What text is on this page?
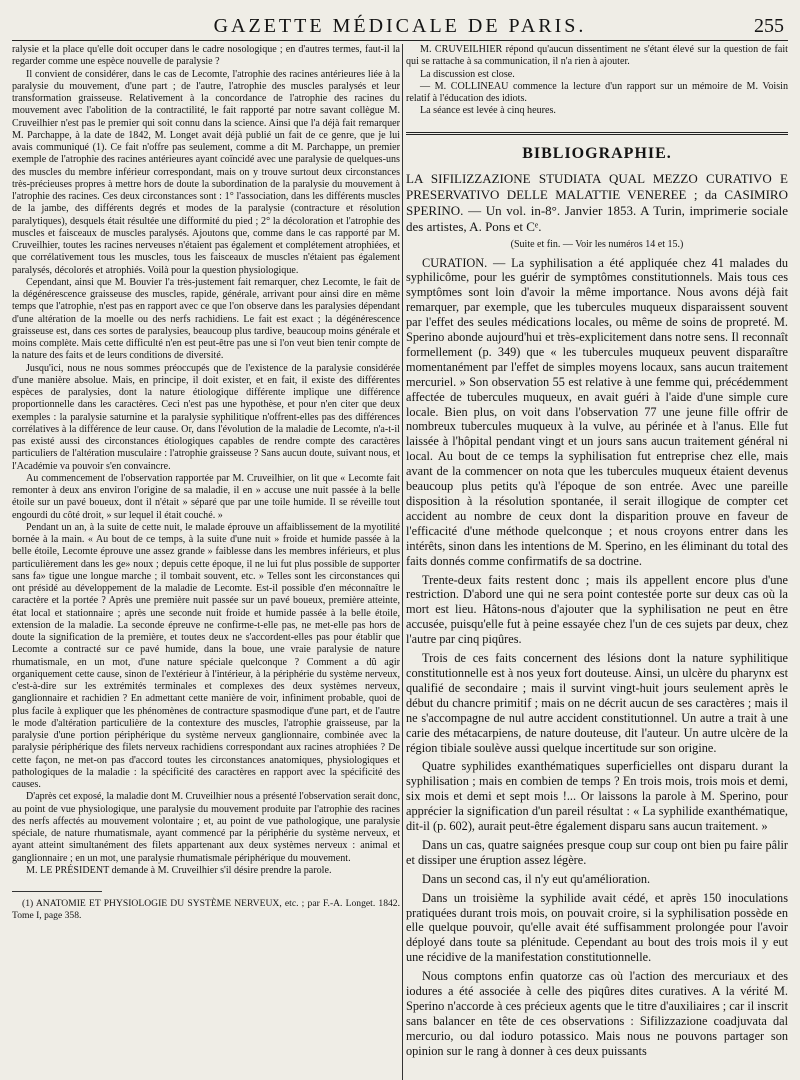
GAZETTE MÉDICALE DE PARIS.	255

ralysie et la place qu'elle doit occuper dans le cadre nosologique ; en d'autres termes, faut-il la regarder comme une espèce nouvelle de paralysie ?

Il convient de considérer, dans le cas de Lecomte, l'atrophie des racines antérieures liée à la paralysie du mouvement, d'une part ; de l'autre, l'atrophie des muscles paralysés et leur transformation graisseuse. Relativement à la concordance de l'atrophie des racines du mouvement avec l'abolition de la contractilité, le fait rapporté par notre savant collègue M. Cruveilhier n'est pas le premier qui soit connu dans la science. Ainsi que l'a déjà fait remarquer M. Parchappe, à la date de 1842, M. Longet avait déjà publié un fait de ce genre, que je lui avais communiqué (1). Ce fait n'offre pas seulement, comme a dit M. Parchappe, un premier exemple de l'atrophie des racines antérieures ayant coïncidé avec une paralysie de quelques-uns des muscles du membre inférieur correspondant, mais on y trouve surtout deux circonstances très-précieuses propres à mettre hors de doute la subordination de la paralysie du mouvement à l'atrophie des racines. Ces deux circonstances sont : 1° l'association, dans les différents muscles de la jambe, des différents degrés et modes de la paralysie (contracture et résolution paralytiques), desquels était résultée une difformité du pied ; 2° la décoloration et l'atrophie des muscles et faisceaux de muscles paralysés. Ajoutons que, comme dans le cas rapporté par M. Cruveilhier, toutes les racines nerveuses n'étaient pas également et complétement atrophiées, et que corrélativement tous les muscles, tous les faisceaux de muscles n'étaient pas également paralysés, décolorés et atrophiés. Voilà pour la question physiologique.

Cependant, ainsi que M. Bouvier l'a très-justement fait remarquer, chez Lecomte, le fait de la dégénérescence graisseuse des muscles, rapide, générale, arrivant pour ainsi dire en même temps que l'atrophie, n'est pas en rapport avec ce que l'on observe dans les paralysies dépendant d'une altération de la moelle ou des nerfs rachidiens. Le fait est exact ; la dégénérescence graisseuse est, dans ces sortes de paralysies, beaucoup plus tardive, beaucoup moins générale et moins complète. Mais cette difficulté n'en est peut-être pas une si l'on veut bien tenir compte de la nature des faits et de leurs conditions de diversité.

Jusqu'ici, nous ne nous sommes préoccupés que de l'existence de la paralysie considérée d'une manière absolue. Mais, en principe, il doit exister, et en fait, il existe des différentes espèces de paralysies, dont la nature étiologique différente implique une différence proportionnelle dans les caractères. Ceci n'est pas une hypothèse, et pour n'en citer que deux exemples : la paralysie saturnine et la paralysie syphilitique n'offrent-elles pas des différences corrélatives à la différence de leur cause. Or, dans l'évolution de la maladie de Lecomte, n'a-t-il pas existé aussi des circonstances étiologiques capables de rendre compte des caractères particuliers de l'altération musculaire : l'atrophie graisseuse ? Sans aucun doute, suivant nous, et l'Académie va pouvoir s'en convaincre.

Au commencement de l'observation rapportée par M. Cruveilhier, on lit que « Lecomte fait remonter à deux ans environ l'origine de sa maladie, il en » accuse une nuit passée à la belle étoile sur un pavé boueux, dont il n'était » séparé que par une toile humide. Il se réveille tout engourdi du côté droit, » sur lequel il était couché. »

Pendant un an, à la suite de cette nuit, le malade éprouve un affaiblissement de la myotilité bornée à la main. « Au bout de ce temps, à la suite d'une nuit » froide et humide passée à la belle étoile, Lecomte éprouve une assez grande » faiblesse dans les membres inférieurs, et plus particulièrement dans les ge» noux ; depuis cette époque, il ne lui fut plus possible de supporter sans fa» tigue une longue marche ; il tombait souvent, etc. » Telles sont les circonstances qui ont présidé au développement de la maladie de Lecomte. Est-il possible d'en méconnaître le caractère et la portée ? Après une première nuit passée sur un pavé boueux, première atteinte, état local et stationnaire ; après une seconde nuit froide et humide passée à la belle étoile, extension de la maladie. La seconde épreuve ne confirme-t-elle pas, ne met-elle pas hors de doute la signification de la première, et toutes deux ne s'accordent-elles pas pour établir que Lecomte a contracté sur ce pavé humide, dans la boue, une vraie paralysie de nature rhumatismale, en un mot, d'une nature spéciale quelconque ? Comment a dû agir organiquement cette cause, sinon de l'extérieur à l'intérieur, à la périphérie du système nerveux, c'est-à-dire sur les extrémités terminales et complexes des deux systèmes nerveux, ganglionnaire et rachidien ? En admettant cette manière de voir, infiniment probable, quoi de plus facile à expliquer que les phénomènes de contracture spasmodique d'une part, et de l'autre le mode d'altération particulière de la contexture des muscles, l'atrophie graisseuse, par la paralysie d'une portion périphérique du système nerveux ganglionnaire, combinée avec la paralysie périphérique des filets nerveux rachidiens correspondant aux racines atrophiées ? De cette façon, ne met-on pas d'accord toutes les circonstances anatomiques, physiologiques et pathologiques de la maladie : la spécificité des caractères en rapport avec la spécificité des causes.

D'après cet exposé, la maladie dont M. Cruveilhier nous a présenté l'observation serait donc, au point de vue physiologique, une paralysie du mouvement produite par l'atrophie des racines des nerfs affectés au mouvement volontaire ; et, au point de vue pathologique, une paralysie spéciale, de nature rhumatismale, ayant commencé par la périphérie du système nerveux, et ayant atteint simultanément des filets appartenant aux deux systèmes nerveux : animal et ganglionnaire ; en un mot, une paralysie rhumatismale périphérique du mouvement.

M. LE PRÉSIDENT demande à M. Cruveilhier s'il désire prendre la parole.

(1) ANATOMIE ET PHYSIOLOGIE DU SYSTÈME NERVEUX, etc. ; par F.-A. Longet. 1842. Tome I, page 358.

M. CRUVEILHIER répond qu'aucun dissentiment ne s'étant élevé sur la question de fait qui se rattache à sa communication, il n'a rien à ajouter.

La discussion est close.

— M. COLLINEAU commence la lecture d'un rapport sur un mémoire de M. Voisin relatif à l'éducation des idiots.

La séance est levée à cinq heures.

BIBLIOGRAPHIE.

LA SIFILIZZAZIONE STUDIATA QUAL MEZZO CURATIVO E PRESERVATIVO DELLE MALATTIE VENEREE ; da CASIMIRO SPERINO. — Un vol. in-8°. Janvier 1853. A Turin, imprimerie sociale des artistes, A. Pons et Cᵉ.

(Suite et fin. — Voir les numéros 14 et 15.)

CURATION. — La syphilisation a été appliquée chez 41 malades du syphilicôme, pour les guérir de symptômes constitutionnels. Mais tous ces symptômes sont loin d'avoir la même importance. Nous avons déjà fait remarquer, par exemple, que les tubercules muqueux disparaissent souvent par l'effet des seules médications locales, ou même de soins de propreté. M. Sperino abonde aujourd'hui et très-explicitement dans notre sens. Il reconnaît formellement (p. 349) que « les tubercules muqueux peuvent disparaître momentanément par l'effet de simples moyens locaux, sans aucun traitement mercuriel. » Son observation 55 est relative à une femme qui, précédemment affectée de tubercules muqueux, en avait guéri à l'aide d'une simple cure locale. Bien plus, on voit dans l'observation 77 une jeune fille offrir de nombreux tubercules muqueux à la vulve, au périnée et à l'anus. Elle fut laissée à l'hôpital pendant vingt et un jours sans aucun traitement général ni local. Au bout de ce temps la syphilisation fut entreprise chez elle, mais avant de la commencer on nota que les tubercules muqueux étaient devenus beaucoup plus petits qu'à l'époque de son entrée. Avec une pareille disposition à la résolution spontanée, il serait illogique de compter cet accident au nombre de ceux dont la disparition prouve en faveur de l'efficacité d'une méthode quelconque ; et nous croyons entrer dans les intérêts, sinon dans les intentions de M. Sperino, en les éliminant du total des faits donnés comme confirmatifs de sa doctrine.

Trente-deux faits restent donc ; mais ils appellent encore plus d'une restriction. D'abord une qui ne sera point contestée porte sur deux cas où la mort est lieu. Hâtons-nous d'ajouter que la syphilisation ne peut en être accusée, puisqu'elle fut à peine essayée chez l'un de ces sujets par deux, chez l'autre par cinq piqûres.

Trois de ces faits concernent des lésions dont la nature syphilitique constitutionnelle est à nos yeux fort douteuse. Ainsi, un ulcère du pharynx est qualifié de secondaire ; mais il survint vingt-huit jours seulement après le début du chancre primitif ; mais on ne décrit aucun de ses caractères ; mais il ne s'accompagne de nul autre accident constitutionnel. Un autre a trait à une carie des métacarpiens, de nature douteuse, dit l'auteur. Un autre ulcère de la région tibiale soulève aussi quelque incertitude sur son origine.

Quatre syphilides exanthématiques superficielles ont disparu durant la syphilisation ; mais en combien de temps ? En trois mois, trois mois et demi, six mois et demi et sept mois !... Or laissons la parole à M. Sperino, pour apprécier la signification d'un pareil résultat : « La syphilide exanthématique, dit-il (p. 602), aurait peut-être également disparu sans aucun traitement. »

Dans un cas, quatre saignées presque coup sur coup ont bien pu faire pâlir et dissiper une éruption assez légère.

Dans un second cas, il n'y eut qu'amélioration.

Dans un troisième la syphilide avait cédé, et après 150 inoculations pratiquées durant trois mois, on pouvait croire, si la syphilisation possède en elle quelque pouvoir, qu'elle avait été suffisamment prolongée pour l'avoir déployé dans toute sa plénitude. Cependant au bout des trois mois il y eut une récidive de la manifestation constitutionnelle.

Nous comptons enfin quatorze cas où l'action des mercuriaux et des iodures a été associée à celle des piqûres dites curatives. A la vérité M. Sperino n'accorde à ces précieux agents que le titre d'auxiliaires ; car il inscrit sans balancer en tête de ces observations : Sifilizzazione coadjuvata dal mercurio, ou dal ioduro potassico. Mais nous ne pouvons partager son opinion sur le rang à donner à ces deux puissants
